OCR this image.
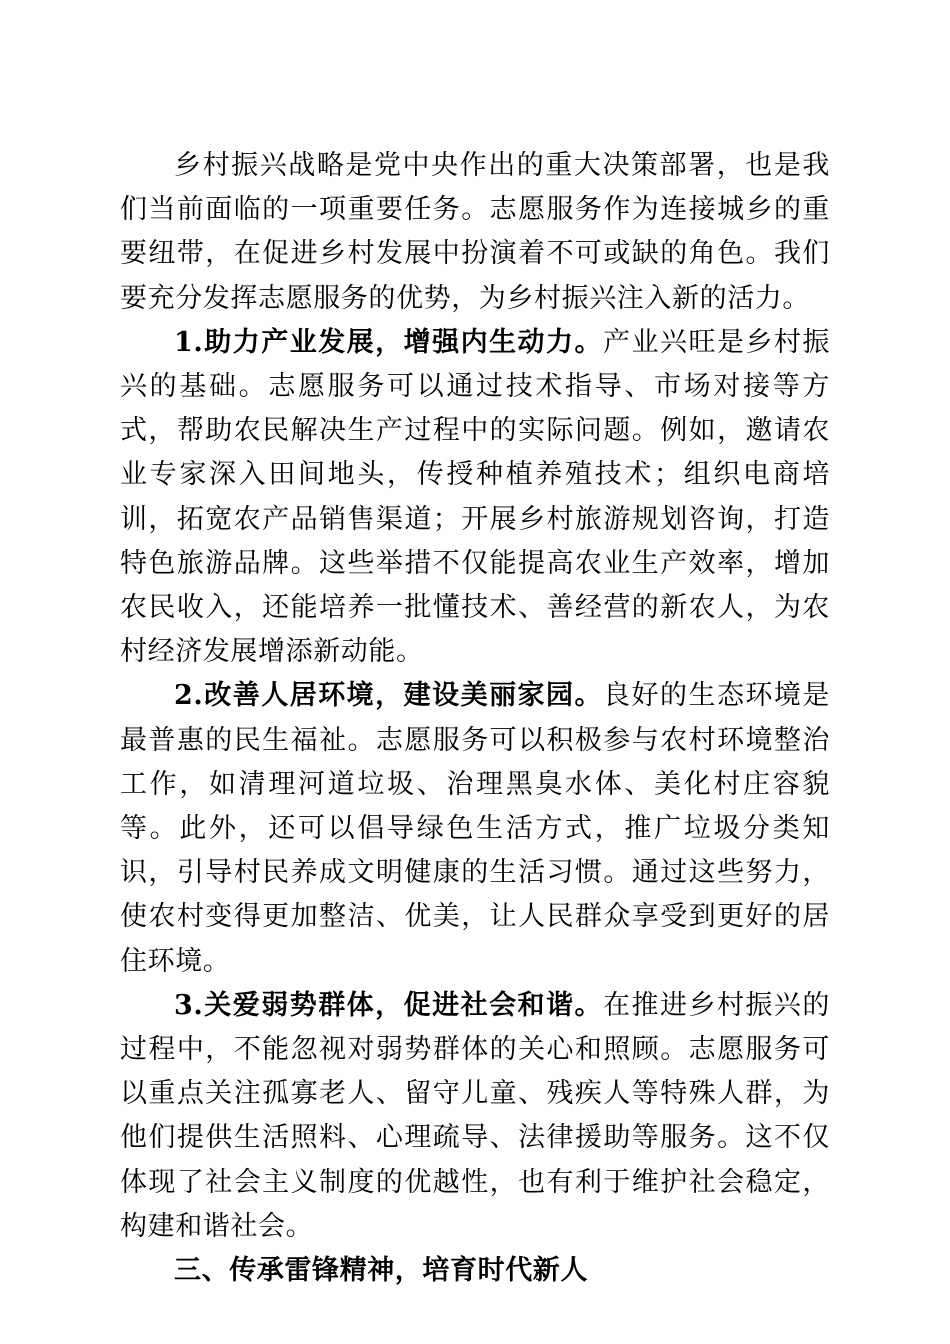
乡村振兴战略是党中央作出的重大决策部署，也是我们当前面临的一项重要任务。志愿服务作为连接城乡的重要纽带，在促进乡村发展中扮演着不可或缺的角色。我们要充分发挥志愿服务的优势，为乡村振兴注入新的活力。

1.助力产业发展，增强内生动力。产业兴旺是乡村振兴的基础。志愿服务可以通过技术指导、市场对接等方式，帮助农民解决生产过程中的实际问题。例如，邀请农业专家深入田间地头，传授种植养殖技术；组织电商培训，拓宽农产品销售渠道；开展乡村旅游规划咨询，打造特色旅游品牌。这些举措不仅能提高农业生产效率，增加农民收入，还能培养一批懂技术、善经营的新农人，为农村经济发展增添新动能。

2.改善人居环境，建设美丽家园。良好的生态环境是最普惠的民生福祉。志愿服务可以积极参与农村环境整治工作，如清理河道垃圾、治理黑臭水体、美化村庄容貌等。此外，还可以倡导绿色生活方式，推广垃圾分类知识，引导村民养成文明健康的生活习惯。通过这些努力，使农村变得更加整洁、优美，让人民群众享受到更好的居住环境。

3.关爱弱势群体，促进社会和谐。在推进乡村振兴的过程中，不能忽视对弱势群体的关心和照顾。志愿服务可以重点关注孤寡老人、留守儿童、残疾人等特殊人群，为他们提供生活照料、心理疏导、法律援助等服务。这不仅体现了社会主义制度的优越性，也有利于维护社会稳定，构建和谐社会。

三、传承雷锋精神，培育时代新人
